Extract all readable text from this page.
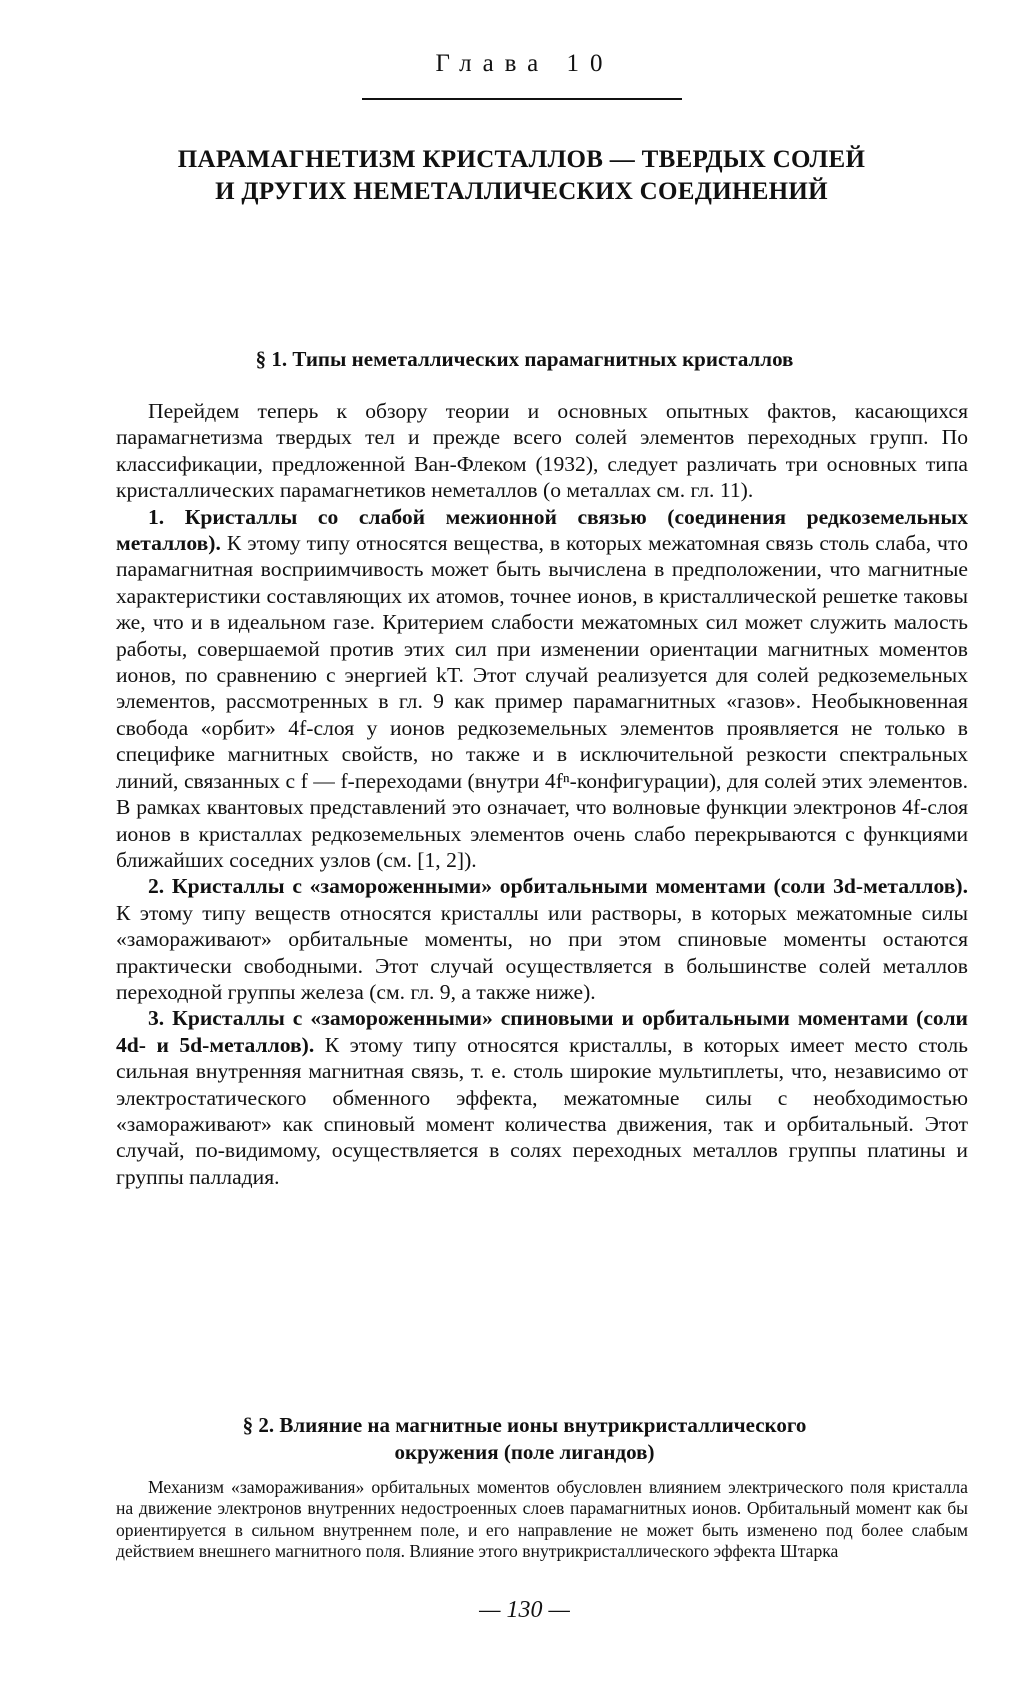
Глава 10
ПАРАМАГНЕТИЗМ КРИСТАЛЛОВ — ТВЕРДЫХ СОЛЕЙ
И ДРУГИХ НЕМЕТАЛЛИЧЕСКИХ СОЕДИНЕНИЙ
§ 1. Типы неметаллических парамагнитных кристаллов

Перейдем теперь к обзору теории и основных опытных фактов, касающихся парамагнетизма твердых тел и прежде всего солей элементов переходных групп. По классификации, предложенной Ван-Флеком (1932), следует различать три основных типа кристаллических парамагнетиков неметаллов (о металлах см. гл. 11).

1. Кристаллы со слабой межионной связью (соединения редкоземельных металлов). К этому типу относятся вещества, в которых межатомная связь столь слаба, что парамагнитная восприимчивость может быть вычислена в предположении, что магнитные характеристики составляющих их атомов, точнее ионов, в кристаллической решетке таковы же, что и в идеальном газе. Критерием слабости межатомных сил может служить малость работы, совершаемой против этих сил при изменении ориентации магнитных моментов ионов, по сравнению с энергией kT. Этот случай реализуется для солей редкоземельных элементов, рассмотренных в гл. 9 как пример парамагнитных «газов». Необыкновенная свобода «орбит» 4f-слоя у ионов редкоземельных элементов проявляется не только в специфике магнитных свойств, но также и в исключительной резкости спектральных линий, связанных с f — f-переходами (внутри 4fⁿ-конфигурации), для солей этих элементов. В рамках квантовых представлений это означает, что волновые функции электронов 4f-слоя ионов в кристаллах редкоземельных элементов очень слабо перекрываются с функциями ближайших соседних узлов (см. [1, 2]).

2. Кристаллы с «замороженными» орбитальными моментами (соли 3d-металлов). К этому типу веществ относятся кристаллы или растворы, в которых межатомные силы «замораживают» орбитальные моменты, но при этом спиновые моменты остаются практически свободными. Этот случай осуществляется в большинстве солей металлов переходной группы железа (см. гл. 9, а также ниже).

3. Кристаллы с «замороженными» спиновыми и орбитальными моментами (соли 4d- и 5d-металлов). К этому типу относятся кристаллы, в которых имеет место столь сильная внутренняя магнитная связь, т. е. столь широкие мультиплеты, что, независимо от электростатического обменного эффекта, межатомные силы с необходимостью «замораживают» как спиновый момент количества движения, так и орбитальный. Этот случай, по-видимому, осуществляется в солях переходных металлов группы платины и группы палладия.

§ 2. Влияние на магнитные ионы внутрикристаллического
окружения (поле лигандов)

Механизм «замораживания» орбитальных моментов обусловлен влиянием электрического поля кристалла на движение электронов внутренних недостроенных слоев парамагнитных ионов. Орбитальный момент как бы ориентируется в сильном внутреннем поле, и его направление не может быть изменено под более слабым действием внешнего магнитного поля. Влияние этого внутрикристаллического эффекта Штарка

— 130 —
